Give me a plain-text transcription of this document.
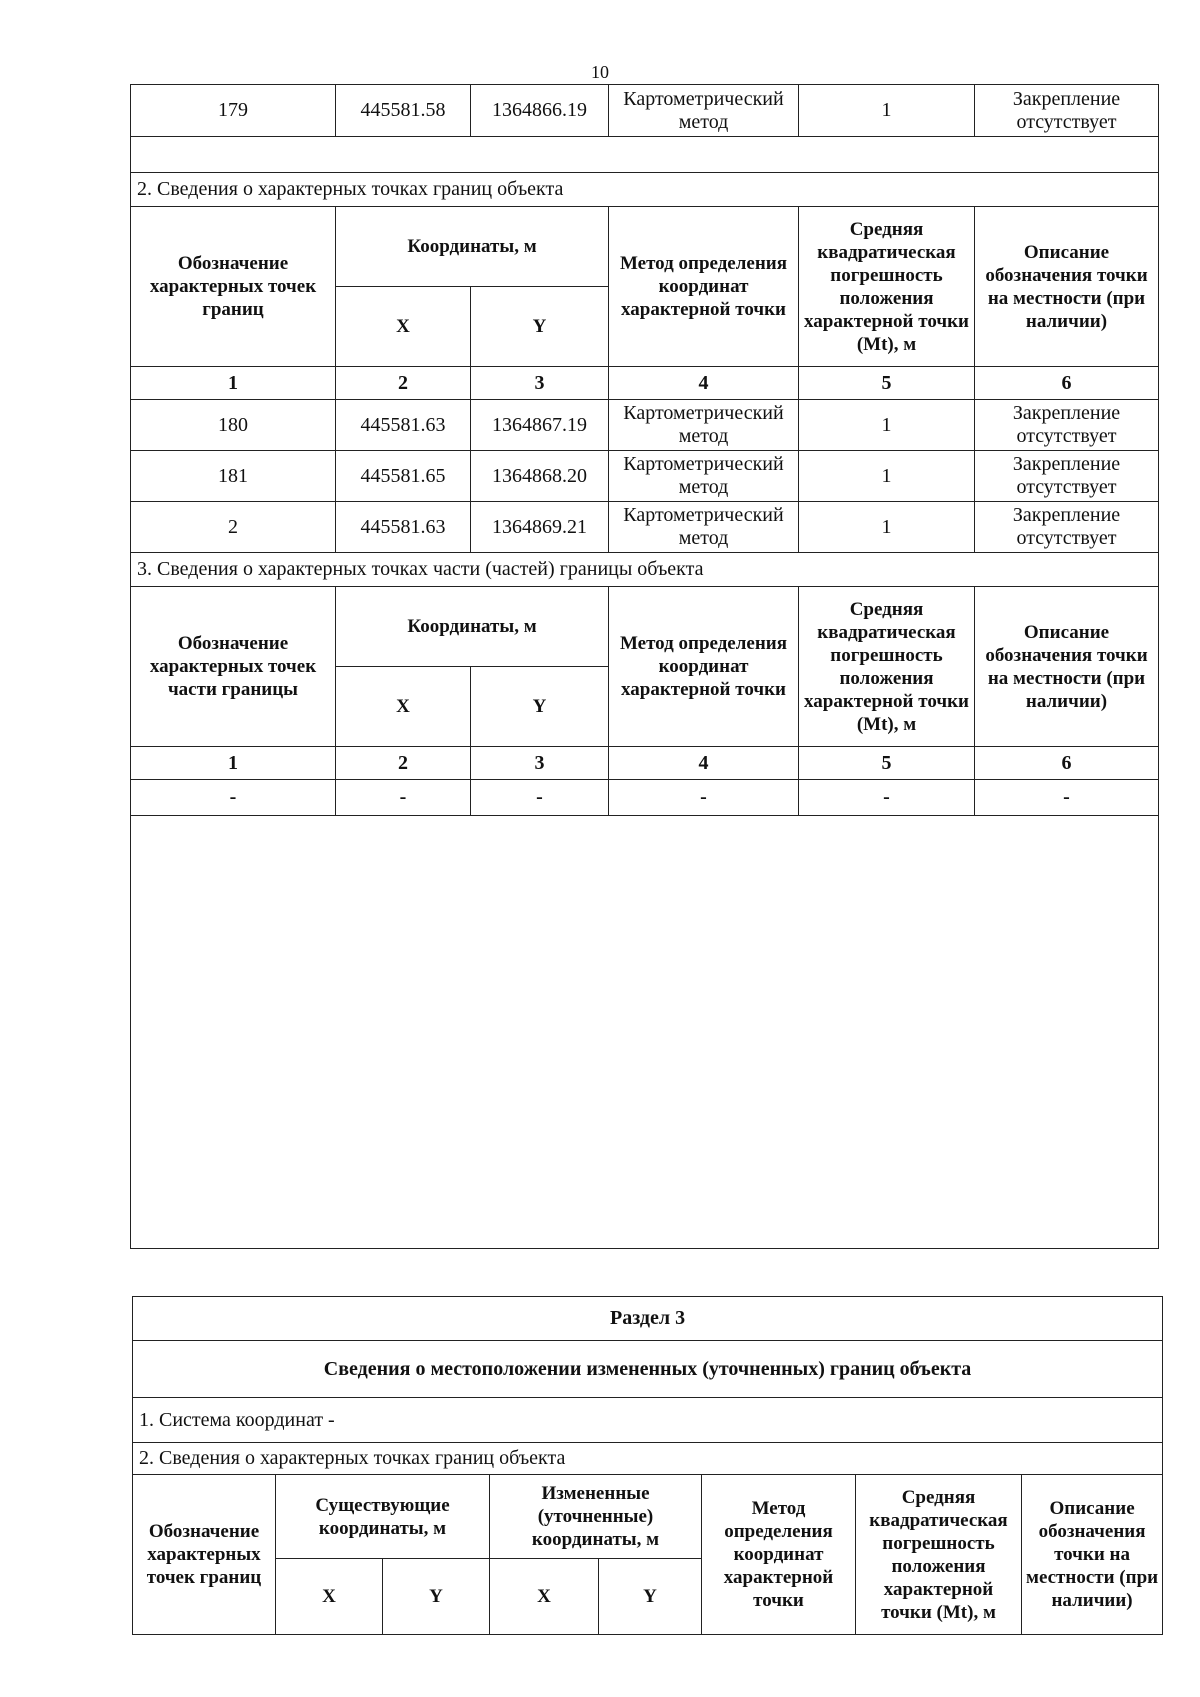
10
179	445581.58	1364866.19	Картометрический метод	1	Закрепление отсутствует

2. Сведения о характерных точках границ объекта					
Обозначение характерных точек границ	Координаты, м		Метод определения координат характерной точки	Средняя квадратическая погрешность положения характерной точки (Mt), м	Описание обозначения точки на местности (при наличии)
	X	Y			
1	2	3	4	5	6
180	445581.63	1364867.19	Картометрический метод	1	Закрепление отсутствует
181	445581.65	1364868.20	Картометрический метод	1	Закрепление отсутствует
2	445581.63	1364869.21	Картометрический метод	1	Закрепление отсутствует
3. Сведения о характерных точках части (частей) границы объекта					
Обозначение характерных точек части границы	Координаты, м		Метод определения координат характерной точки	Средняя квадратическая погрешность положения характерной точки (Mt), м	Описание обозначения точки на местности (при наличии)
	X	Y			
1	2	3	4	5	6
-	-	-	-	-	-

Раздел 3							
Сведения о местоположении измененных (уточненных) границ объекта							
1. Система координат -							
2. Сведения о характерных точках границ объекта							
Обозначение характерных точек границ	Существующие координаты, м		Измененные (уточненные) координаты, м		Метод определения координат характерной точки	Средняя квадратическая погрешность положения характерной точки (Mt), м	Описание обозначения точки на местности (при наличии)
	X	Y	X	Y			
